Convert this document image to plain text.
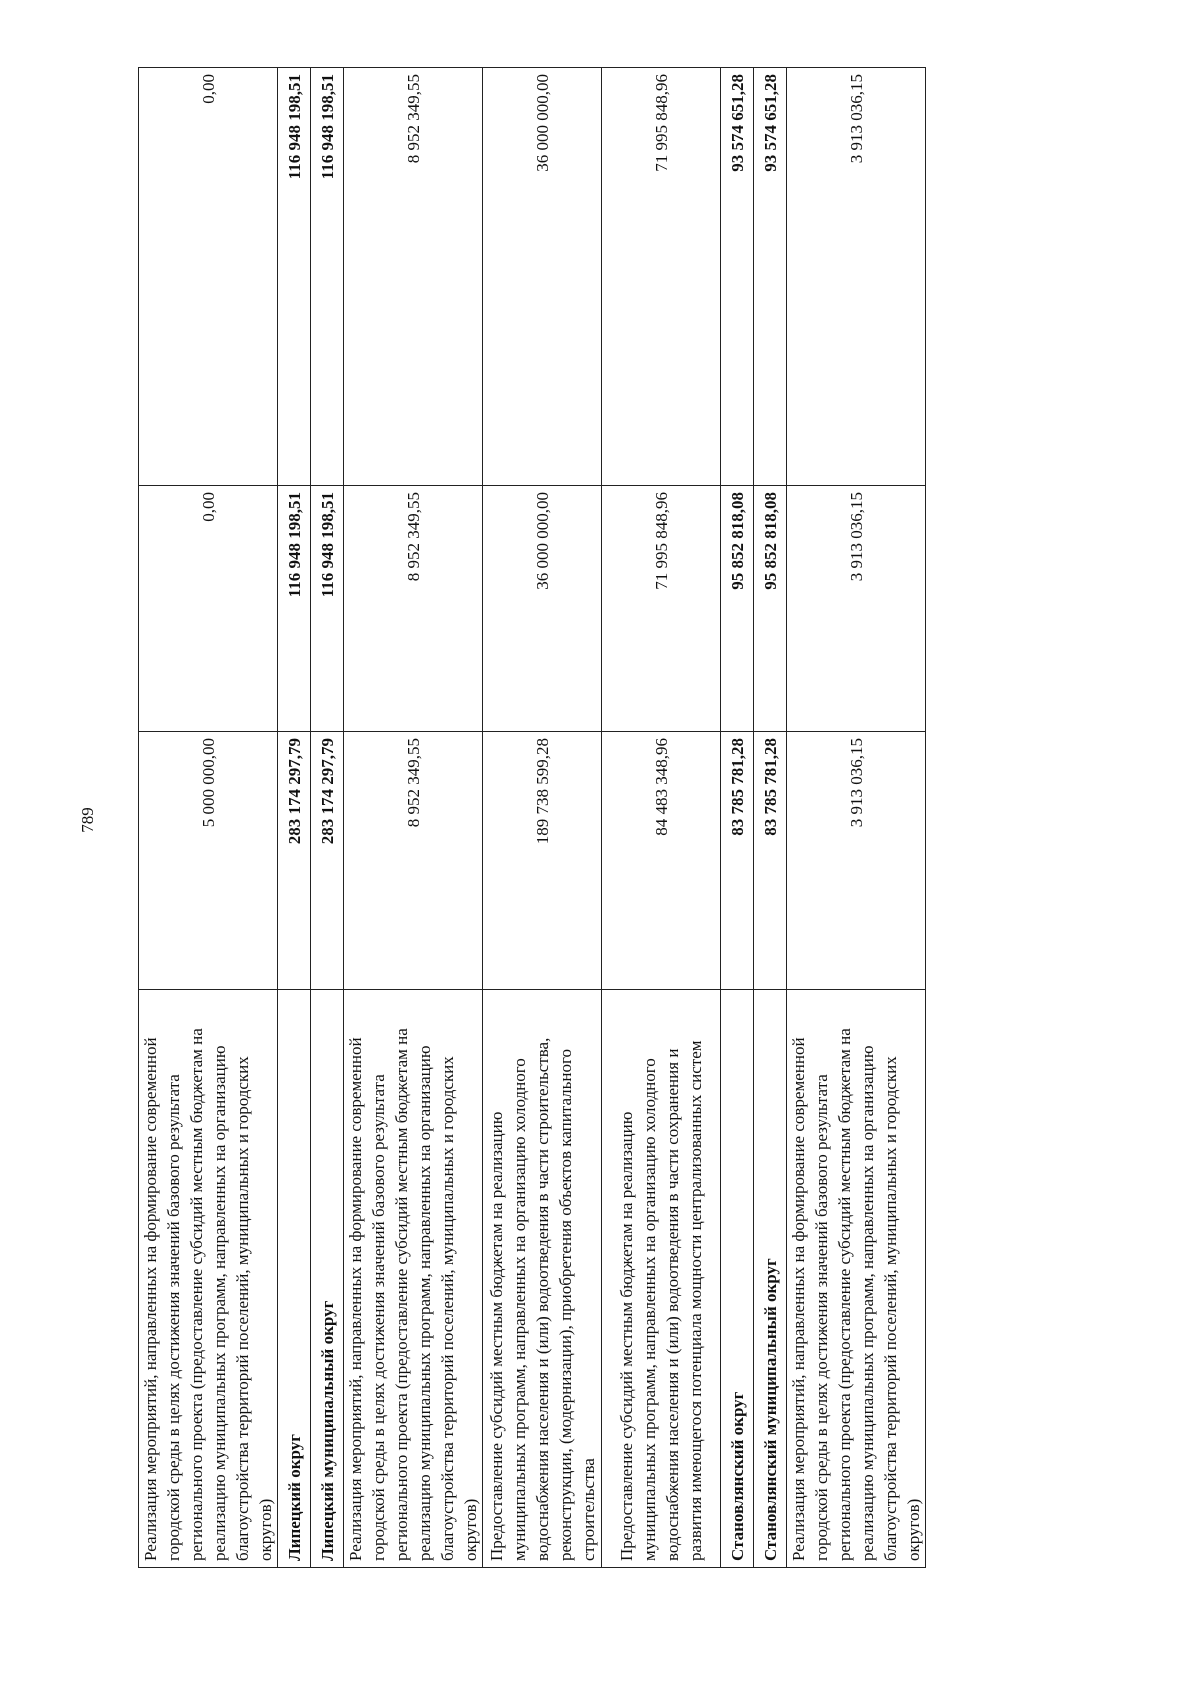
789
Реализация мероприятий, направленных на формирование современной городской среды в целях достижения значений базового результата регионального проекта (предоставление субсидий местным бюджетам на реализацию муниципальных программ, направленных на организацию благоустройства территорий поселений, муниципальных и городских округов)	5 000 000,00	0,00	0,00
Липецкий округ	283 174 297,79	116 948 198,51	116 948 198,51
Липецкий муниципальный округ	283 174 297,79	116 948 198,51	116 948 198,51
Реализация мероприятий, направленных на формирование современной городской среды в целях достижения значений базового результата регионального проекта (предоставление субсидий местным бюджетам на реализацию муниципальных программ, направленных на организацию благоустройства территорий поселений, муниципальных и городских округов)	8 952 349,55	8 952 349,55	8 952 349,55
Предоставление субсидий местным бюджетам на реализацию муниципальных программ, направленных на организацию холодного водоснабжения населения и (или) водоотведения в части строительства, реконструкции, (модернизации), приобретения объектов капитального строительства	189 738 599,28	36 000 000,00	36 000 000,00
Предоставление субсидий местным бюджетам на реализацию муниципальных программ, направленных на организацию холодного водоснабжения населения и (или) водоотведения в части сохранения и развития имеющегося потенциала мощности централизованных систем	84 483 348,96	71 995 848,96	71 995 848,96
Становлянский округ	83 785 781,28	95 852 818,08	93 574 651,28
Становлянский муниципальный округ	83 785 781,28	95 852 818,08	93 574 651,28
Реализация мероприятий, направленных на формирование современной городской среды в целях достижения значений базового результата регионального проекта (предоставление субсидий местным бюджетам на реализацию муниципальных программ, направленных на организацию благоустройства территорий поселений, муниципальных и городских округов)	3 913 036,15	3 913 036,15	3 913 036,15
